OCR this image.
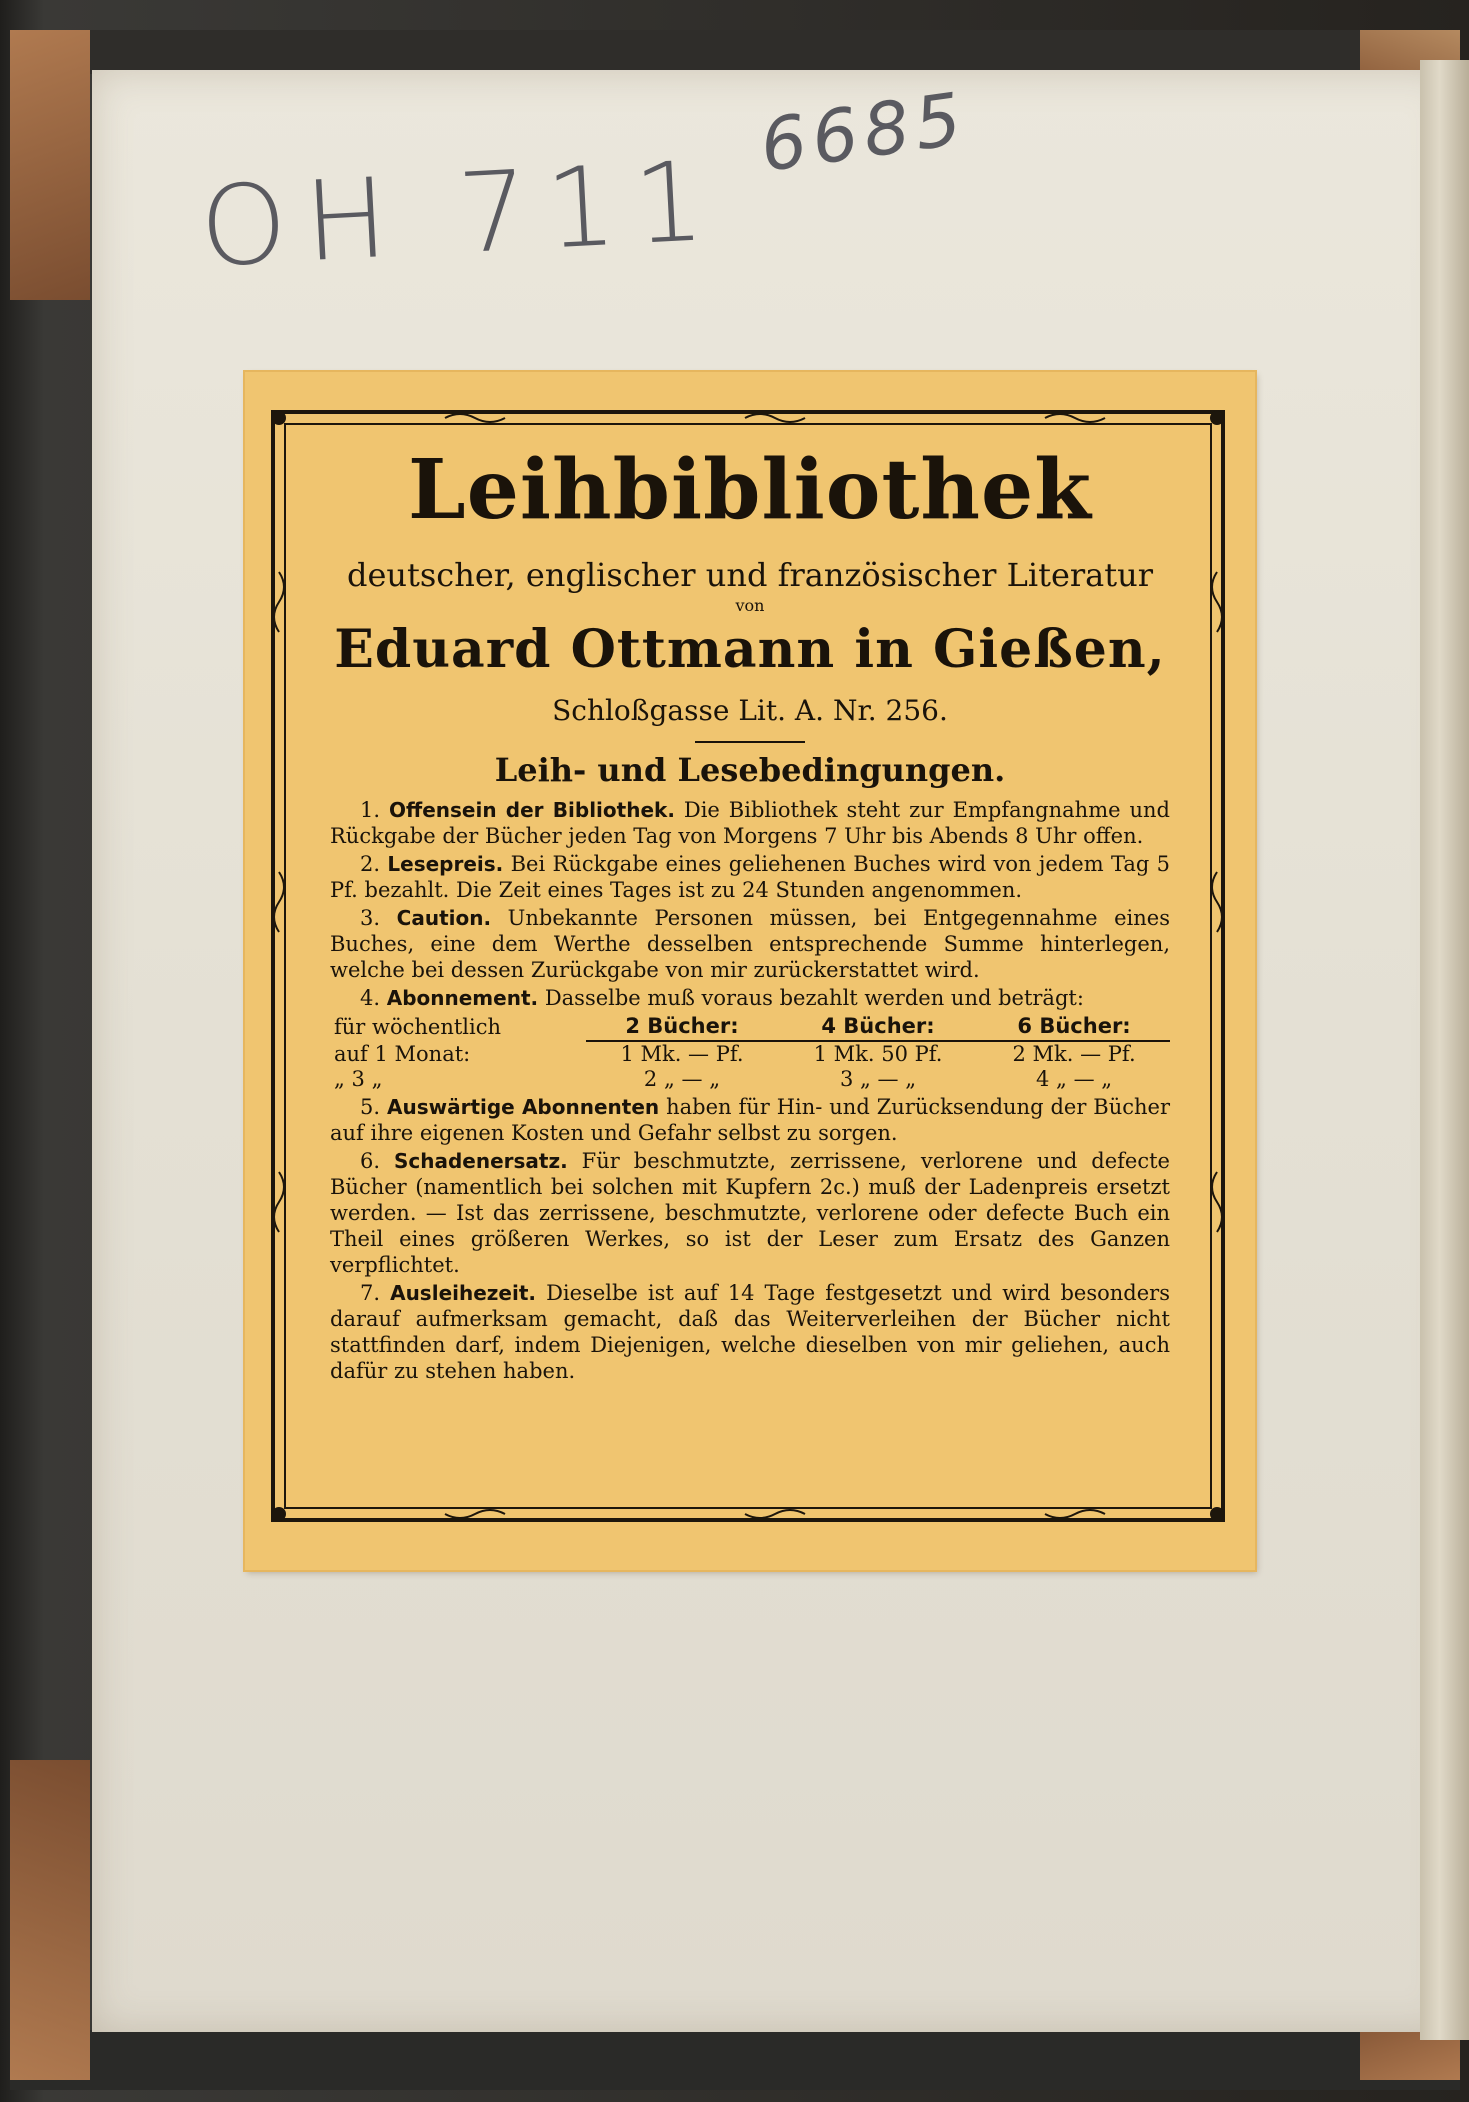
OH 711
6685
Leihbibliothek
deutscher, englischer und französischer Literatur
von
Eduard Ottmann in Gießen,
Schloßgasse Lit. A. Nr. 256.
Leih- und Lesebedingungen.

1. Offensein der Bibliothek. Die Bibliothek steht zur Empfangnahme und Rückgabe der Bücher jeden Tag von Morgens 7 Uhr bis Abends 8 Uhr offen.

2. Lesepreis. Bei Rückgabe eines geliehenen Buches wird von jedem Tag 5 Pf. bezahlt. Die Zeit eines Tages ist zu 24 Stunden angenommen.

3. Caution. Unbekannte Personen müssen, bei Entgegennahme eines Buches, eine dem Werthe desselben entsprechende Summe hinterlegen, welche bei dessen Zurückgabe von mir zurückerstattet wird.

4. Abonnement. Dasselbe muß voraus bezahlt werden und beträgt:

für wöchentlich	2 Bücher:	4 Bücher:	6 Bücher:
auf 1 Monat:	1 Mk. — Pf.	1 Mk. 50 Pf.	2 Mk. — Pf.
„ 3 „	2 „ — „	3 „ — „	4 „ — „

5. Auswärtige Abonnenten haben für Hin- und Zurücksendung der Bücher auf ihre eigenen Kosten und Gefahr selbst zu sorgen.

6. Schadenersatz. Für beschmutzte, zerrissene, verlorene und defecte Bücher (namentlich bei solchen mit Kupfern 2c.) muß der Ladenpreis ersetzt werden. — Ist das zerrissene, beschmutzte, verlorene oder defecte Buch ein Theil eines größeren Werkes, so ist der Leser zum Ersatz des Ganzen verpflichtet.

7. Ausleihezeit. Dieselbe ist auf 14 Tage festgesetzt und wird besonders darauf aufmerksam gemacht, daß das Weiterverleihen der Bücher nicht stattfinden darf, indem Diejenigen, welche dieselben von mir geliehen, auch dafür zu stehen haben.
